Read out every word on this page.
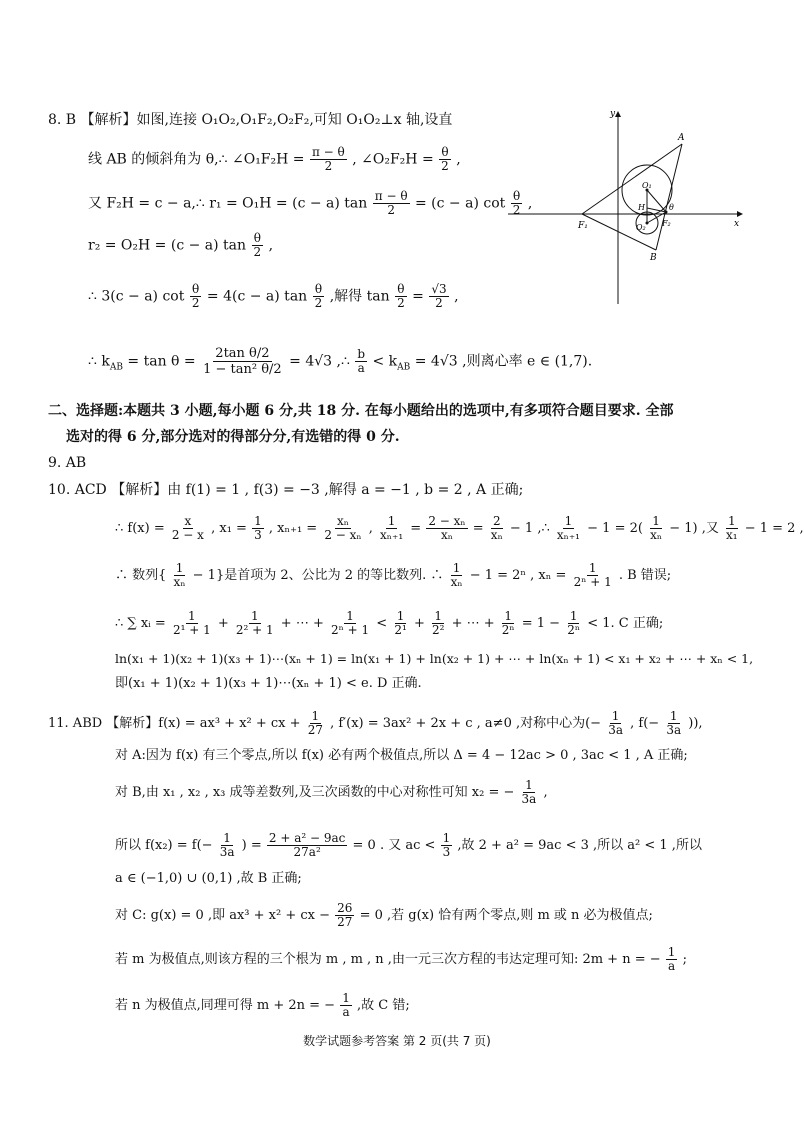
8. B 【解析】如图,连接 O₁O₂,O₁F₂,O₂F₂,可知 O₁O₂⊥x 轴,设直
线 AB 的倾斜角为 θ,∴ ∠O₁F₂H = $\frac{\pi - \theta}{2}$ , ∠O₂F₂H = $\frac{\theta}{2}$ ,
又 F₂H = c − a,∴ r₁ = O₁H = (c − a) $\tan \frac{\pi - \theta}{2} = (c - a)$ $\cot \frac{\theta}{2}$ ,
r₂ = O₂H = (c − a) $\tan \frac{\theta}{2}$ ,
∴ 3(c − a) $\cot \frac{\theta}{2} = 4(c - a)$ $\tan \frac{\theta}{2}$ ,解得 $\tan \frac{\theta}{2} = \frac{√3}{2}$ ,
∴ $k_{AB} = \tan \theta = \frac{\text{2tan θ/2}}{\text{1 − tan² θ/2}} = 4√3$ ,∴ $\frac{b}{a} < k_{AB} = 4√3$ ,则离心率 e ∈ (1,7).
y
x
A
B
F₁	F₂
O₁
O₂
H	θ
二、选择题:本题共 3 小题,每小题 6 分,共 18 分. 在每小题给出的选项中,有多项符合题目要求. 全部
选对的得 6 分,部分选对的得部分分,有选错的得 0 分.
9. AB
10. ACD 【解析】由 f(1) = 1 , f(3) = −3 ,解得 a = −1 , b = 2 , A 正确;
∴ $f(x) = \frac{x}{2 - x}$ , $x_1 = \frac{1}{3}$ , $x_{n+1} = \frac{\text{xₙ}}{\text{2 − xₙ}}$ , $\frac{1}{\text{xₙ₊₁}} = \frac{\text{2 − xₙ}}{\text{xₙ}} = \frac{2}{\text{xₙ}} - 1$ ,∴ $\frac{1}{\text{xₙ₊₁}} - 1 = 2( \frac{1}{\text{xₙ}} - 1)$ ,又 $\frac{1}{\text{x₁}} - 1 = 2$ ,
∴ 数列{ $\frac{1}{\text{xₙ}} - 1$}是首项为 2、公比为 2 的等比数列. ∴ $\frac{1}{\text{xₙ}} - 1 = 2^n$ , $x_n = \frac{1}{\text{2ⁿ + 1}}$ . B 错误;
∴ ∑ xᵢ = $\frac{1}{\text{2¹ + 1}} + \frac{1}{\text{2² + 1}}$ + ⋯ + $\frac{1}{\text{2ⁿ + 1}} < \frac{1}{\text{2¹}} + \frac{1}{\text{2²}}$ + ⋯ + $\frac{1}{\text{2ⁿ}} = 1 - \frac{1}{\text{2ⁿ}} < 1$. C 正确;
ln(x₁ + 1)(x₂ + 1)(x₃ + 1)⋯(xₙ + 1) = ln(x₁ + 1) + ln(x₂ + 1) + ⋯ + ln(xₙ + 1) < x₁ + x₂ + ⋯ + xₙ < 1,
即(x₁ + 1)(x₂ + 1)(x₃ + 1)⋯(xₙ + 1) < e. D 正确.
11. ABD 【解析】f(x) = ax³ + x² + cx + $\frac{1}{27}$ , f′(x) = 3ax² + 2x + c , a≠0 ,对称中心为(− $\frac{1}{3a}$ , $f(- \frac{1}{3a}$ )),
对 A:因为 f(x) 有三个零点,所以 f(x) 必有两个极值点,所以 Δ = 4 − 12ac > 0 , 3ac < 1 , A 正确;
对 B,由 x₁ , x₂ , x₃ 成等差数列,及三次函数的中心对称性可知 x₂ = − $\frac{1}{3a}$ ,
所以 $f(x_2) = f(- \frac{1}{3a}$ ) = $\frac{\text{2 + a² − 9ac}}{\text{27a²}} = 0$ . 又 ac < $\frac{1}{3}$ ,故 2 + a² = 9ac < 3 ,所以 a² < 1 ,所以
a ∈ (−1,0) ∪ (0,1) ,故 B 正确;
对 C: g(x) = 0 ,即 ax³ + x² + cx − $\frac{26}{27} = 0$ ,若 g(x) 恰有两个零点,则 m 或 n 必为极值点;
若 m 为极值点,则该方程的三个根为 m , m , n ,由一元三次方程的韦达定理可知: 2m + n = − $\frac{1}{a}$ ;
若 n 为极值点,同理可得 m + 2n = − $\frac{1}{a}$ ,故 C 错;
数学试题参考答案 第 2 页(共 7 页)
